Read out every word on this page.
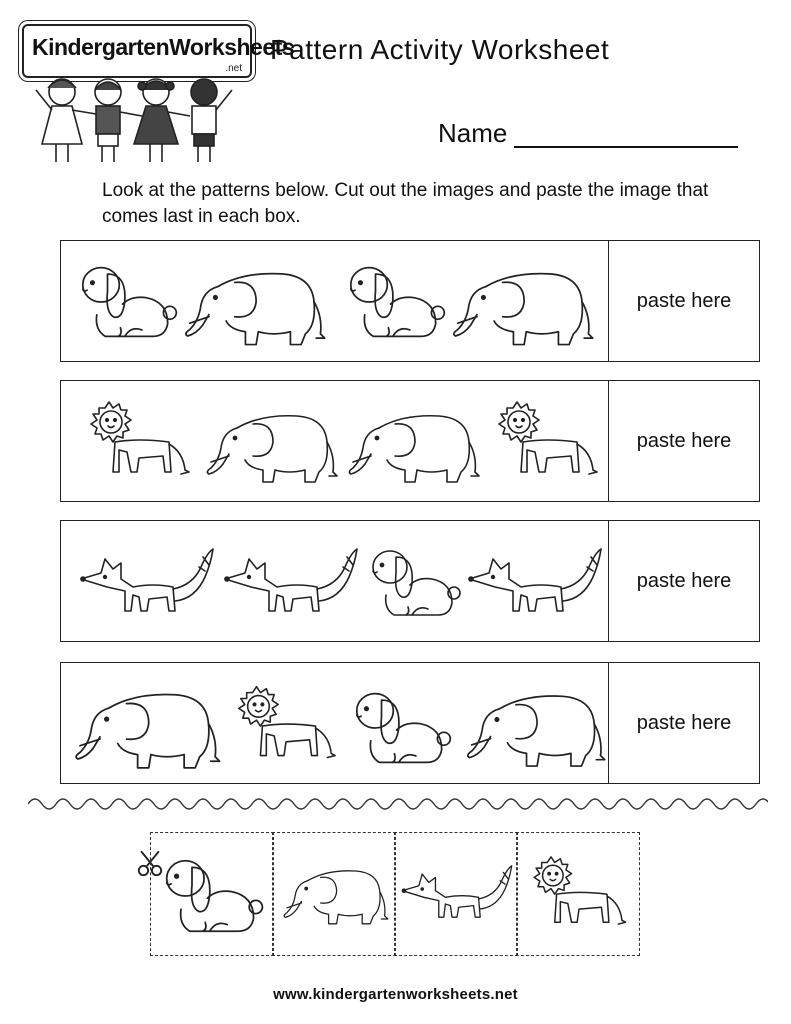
KindergartenWorksheets
.net
Pattern Activity Worksheet
Name
Look at the patterns below. Cut out the images and paste the image that comes last in each box.
paste here
paste here
paste here
paste here
www.kindergartenworksheets.net
